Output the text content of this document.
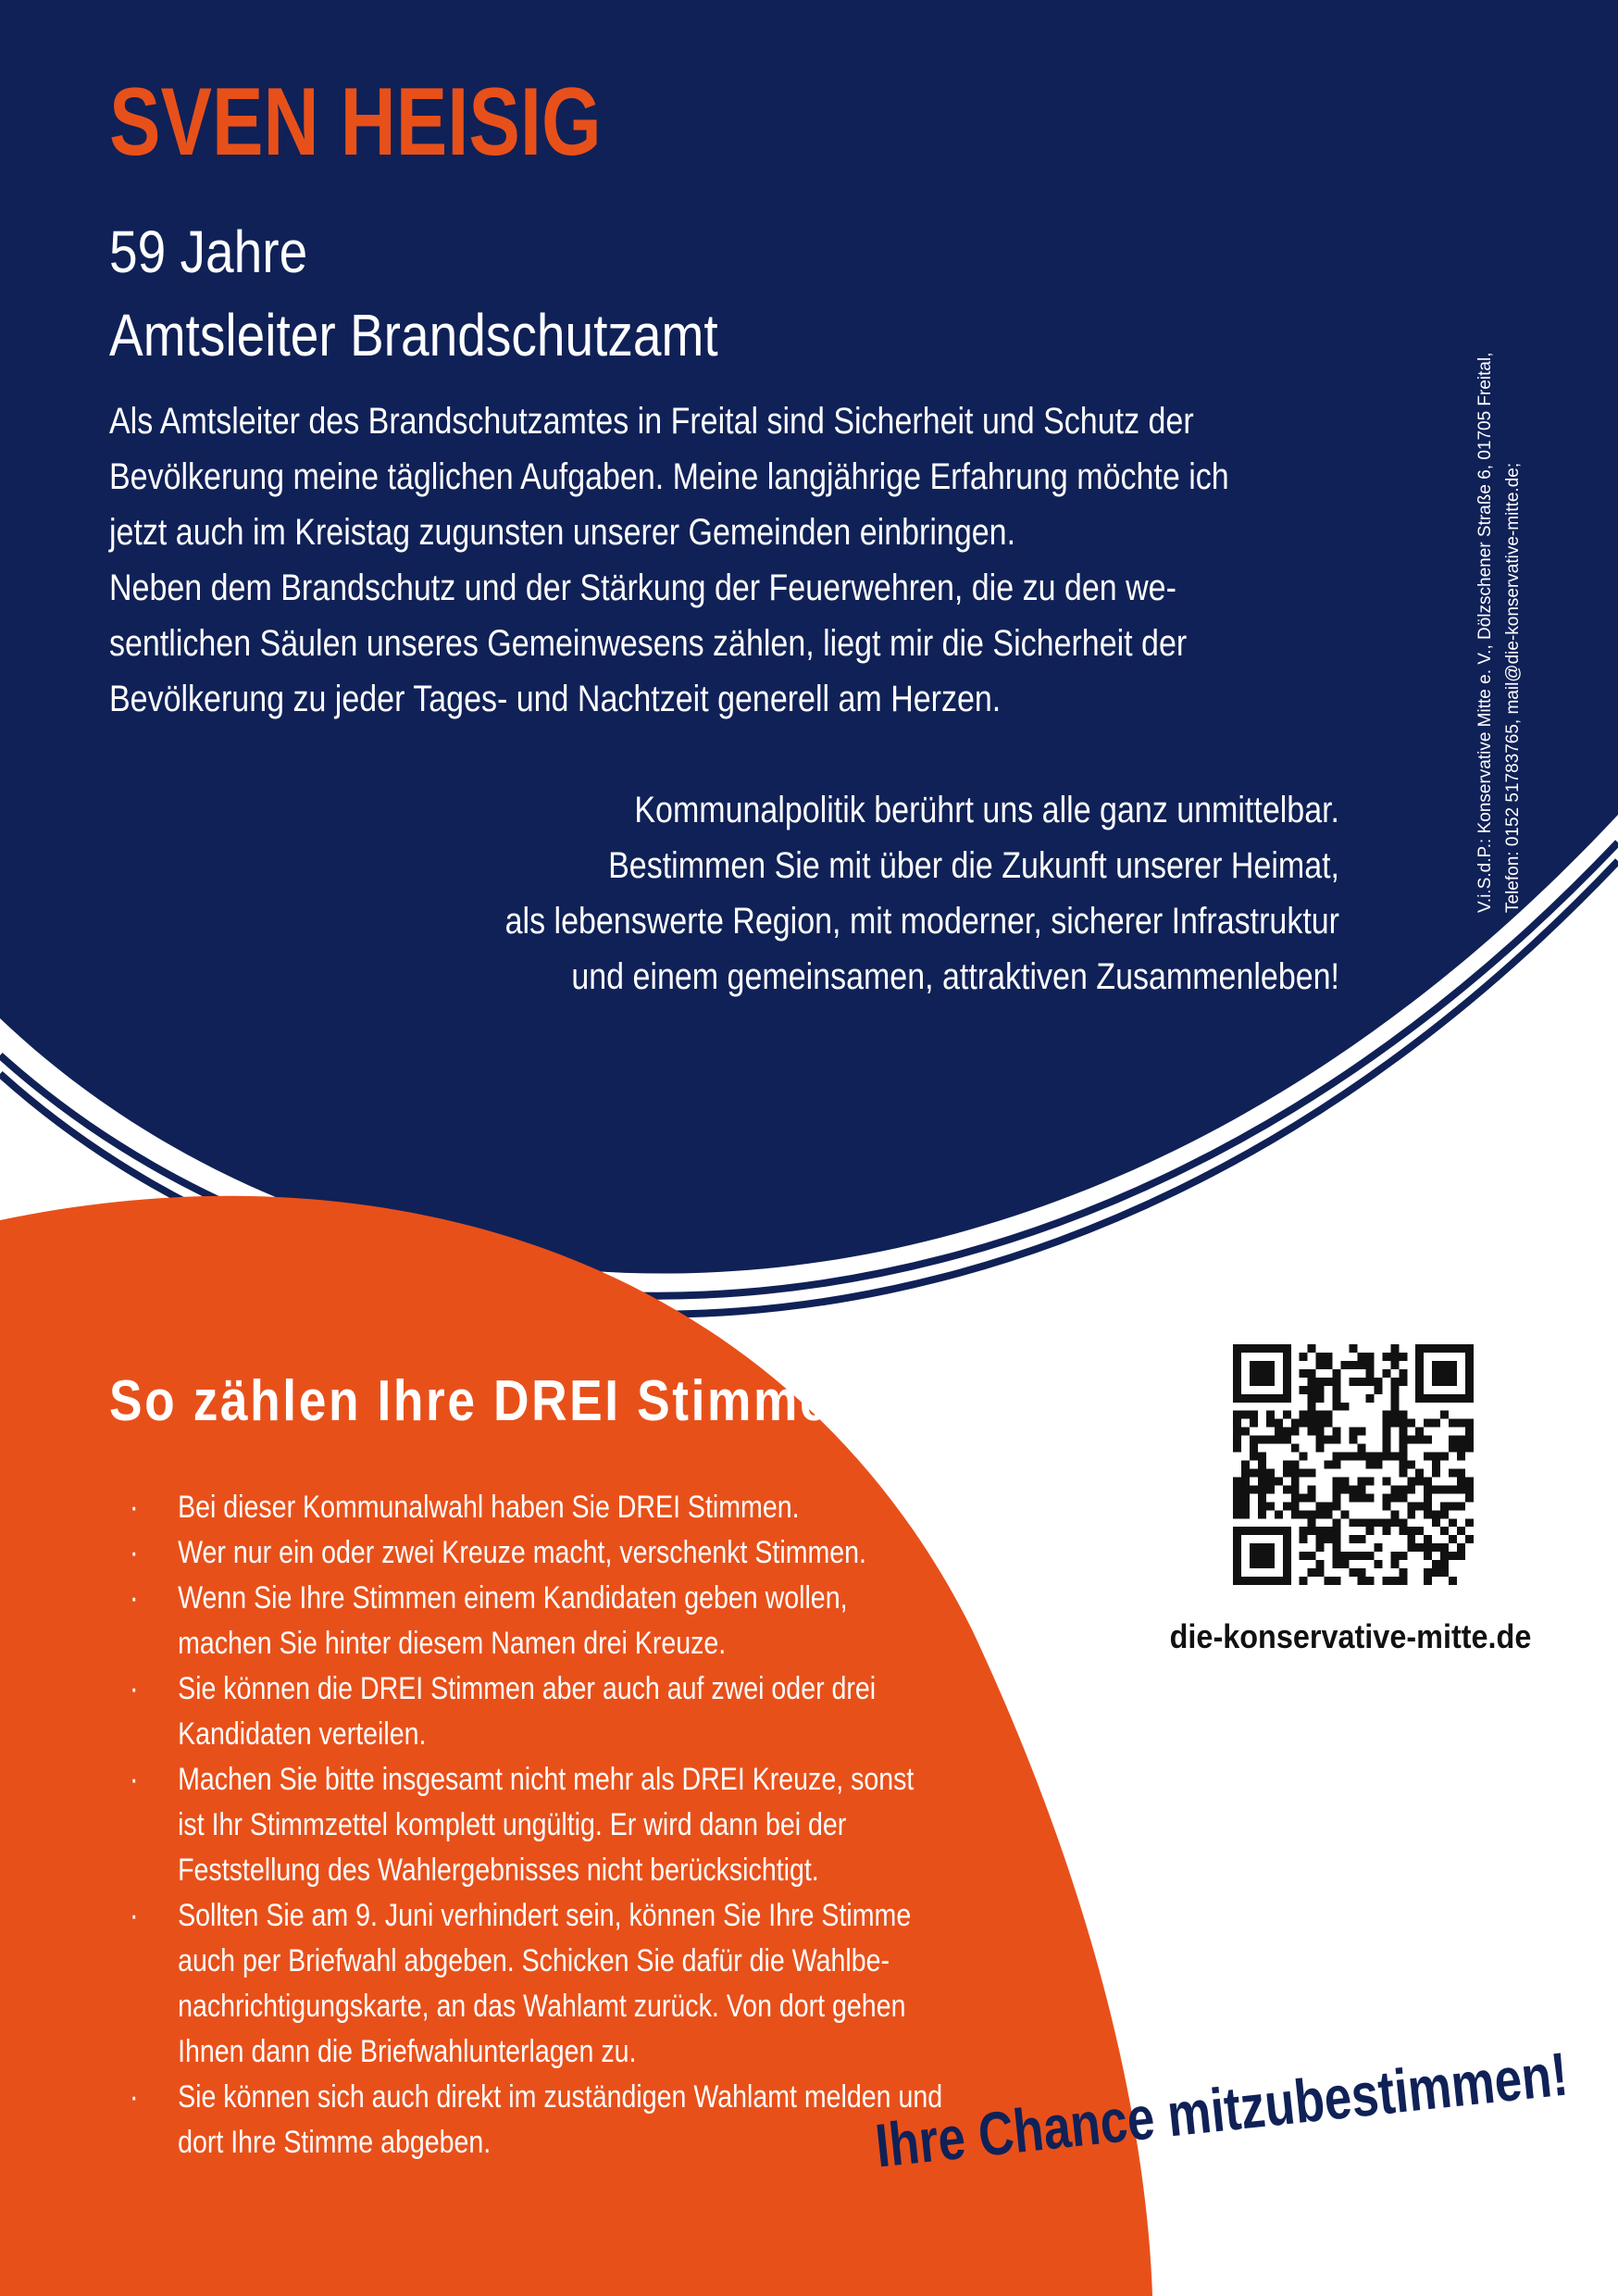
SVEN HEISIG
59 Jahre
Amtsleiter Brandschutzamt

Als Amtsleiter des Brandschutzamtes in Freital sind Sicherheit und Schutz der

Bevölkerung meine täglichen Aufgaben. Meine langjährige Erfahrung möchte ich

jetzt auch im Kreistag zugunsten unserer Gemeinden einbringen.

Neben dem Brandschutz und der Stärkung der Feuerwehren, die zu den we-

sentlichen Säulen unseres Gemeinwesens zählen, liegt mir die Sicherheit der

Bevölkerung zu jeder Tages- und Nachtzeit generell am Herzen.

Kommunalpolitik berührt uns alle ganz unmittelbar.

Bestimmen Sie mit über die Zukunft unserer Heimat,

als lebenswerte Region, mit moderner, sicherer Infrastruktur

und einem gemeinsamen, attraktiven Zusammenleben!

V.i.S.d.P.: Konservative Mitte e. V., Dölzschener Straße 6, 01705 Freital, Telefon: 0152 51783765, mail@die-konservative-mitte.de;

So zählen Ihre DREI Stimmen:
· Bei dieser Kommunalwahl haben Sie DREI Stimmen.
· Wer nur ein oder zwei Kreuze macht, verschenkt Stimmen.
· Wenn Sie Ihre Stimmen einem Kandidaten geben wollen, machen Sie hinter diesem Namen drei Kreuze.
· Sie können die DREI Stimmen aber auch auf zwei oder drei Kandidaten verteilen.
· Machen Sie bitte insgesamt nicht mehr als DREI Kreuze, sonst ist Ihr Stimmzettel komplett ungültig. Er wird dann bei der Feststellung des Wahlergebnisses nicht berücksichtigt.
· Sollten Sie am 9. Juni verhindert sein, können Sie Ihre Stimme auch per Briefwahl abgeben. Schicken Sie dafür die Wahlbe-nachrichtigungskarte, an das Wahlamt zurück. Von dort gehen Ihnen dann die Briefwahlunterlagen zu.
· Sie können sich auch direkt im zuständigen Wahlamt melden und dort Ihre Stimme abgeben.
die-konservative-mitte.de
Ihre Chance mitzubestimmen!
